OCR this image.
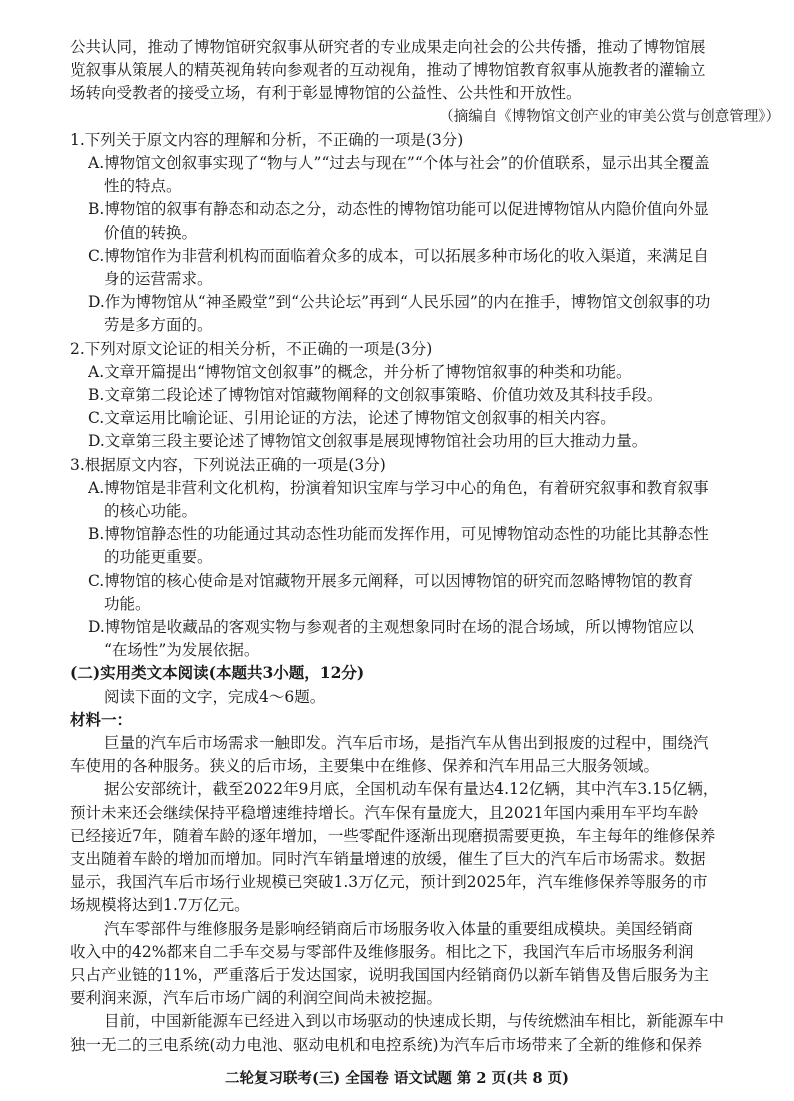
公共认同，推动了博物馆研究叙事从研究者的专业成果走向社会的公共传播，推动了博物馆展
览叙事从策展人的精英视角转向参观者的互动视角，推动了博物馆教育叙事从施教者的灌输立
场转向受教者的接受立场，有利于彰显博物馆的公益性、公共性和开放性。
（摘编自《博物馆文创产业的审美公赏与创意管理》）
1.下列关于原文内容的理解和分析，不正确的一项是(3分)
A.博物馆文创叙事实现了“物与人”“过去与现在”“个体与社会”的价值联系，显示出其全覆盖
性的特点。
B.博物馆的叙事有静态和动态之分，动态性的博物馆功能可以促进博物馆从内隐价值向外显
价值的转换。
C.博物馆作为非营利机构而面临着众多的成本，可以拓展多种市场化的收入渠道，来满足自
身的运营需求。
D.作为博物馆从“神圣殿堂”到“公共论坛”再到“人民乐园”的内在推手，博物馆文创叙事的功
劳是多方面的。
2.下列对原文论证的相关分析，不正确的一项是(3分)
A.文章开篇提出“博物馆文创叙事”的概念，并分析了博物馆叙事的种类和功能。
B.文章第二段论述了博物馆对馆藏物阐释的文创叙事策略、价值功效及其科技手段。
C.文章运用比喻论证、引用论证的方法，论述了博物馆文创叙事的相关内容。
D.文章第三段主要论述了博物馆文创叙事是展现博物馆社会功用的巨大推动力量。
3.根据原文内容，下列说法正确的一项是(3分)
A.博物馆是非营利文化机构，扮演着知识宝库与学习中心的角色，有着研究叙事和教育叙事
的核心功能。
B.博物馆静态性的功能通过其动态性功能而发挥作用，可见博物馆动态性的功能比其静态性
的功能更重要。
C.博物馆的核心使命是对馆藏物开展多元阐释，可以因博物馆的研究而忽略博物馆的教育
功能。
D.博物馆是收藏品的客观实物与参观者的主观想象同时在场的混合场域，所以博物馆应以
“在场性”为发展依据。
(二)实用类文本阅读(本题共3小题，12分)
阅读下面的文字，完成4～6题。
材料一：
巨量的汽车后市场需求一触即发。汽车后市场，是指汽车从售出到报废的过程中，围绕汽
车使用的各种服务。狭义的后市场，主要集中在维修、保养和汽车用品三大服务领域。
据公安部统计，截至2022年9月底，全国机动车保有量达4.12亿辆，其中汽车3.15亿辆，
预计未来还会继续保持平稳增速维持增长。汽车保有量庞大，且2021年国内乘用车平均车龄
已经接近7年，随着车龄的逐年增加，一些零配件逐渐出现磨损需要更换，车主每年的维修保养
支出随着车龄的增加而增加。同时汽车销量增速的放缓，催生了巨大的汽车后市场需求。数据
显示，我国汽车后市场行业规模已突破1.3万亿元，预计到2025年，汽车维修保养等服务的市
场规模将达到1.7万亿元。
汽车零部件与维修服务是影响经销商后市场服务收入体量的重要组成模块。美国经销商
收入中的42%都来自二手车交易与零部件及维修服务。相比之下，我国汽车后市场服务利润
只占产业链的11%，严重落后于发达国家，说明我国国内经销商仍以新车销售及售后服务为主
要利润来源，汽车后市场广阔的利润空间尚未被挖掘。
目前，中国新能源车已经进入到以市场驱动的快速成长期，与传统燃油车相比，新能源车中
独一无二的三电系统(动力电池、驱动电机和电控系统)为汽车后市场带来了全新的维修和保养
二轮复习联考(三) 全国卷 语文试题 第 2 页(共 8 页)
